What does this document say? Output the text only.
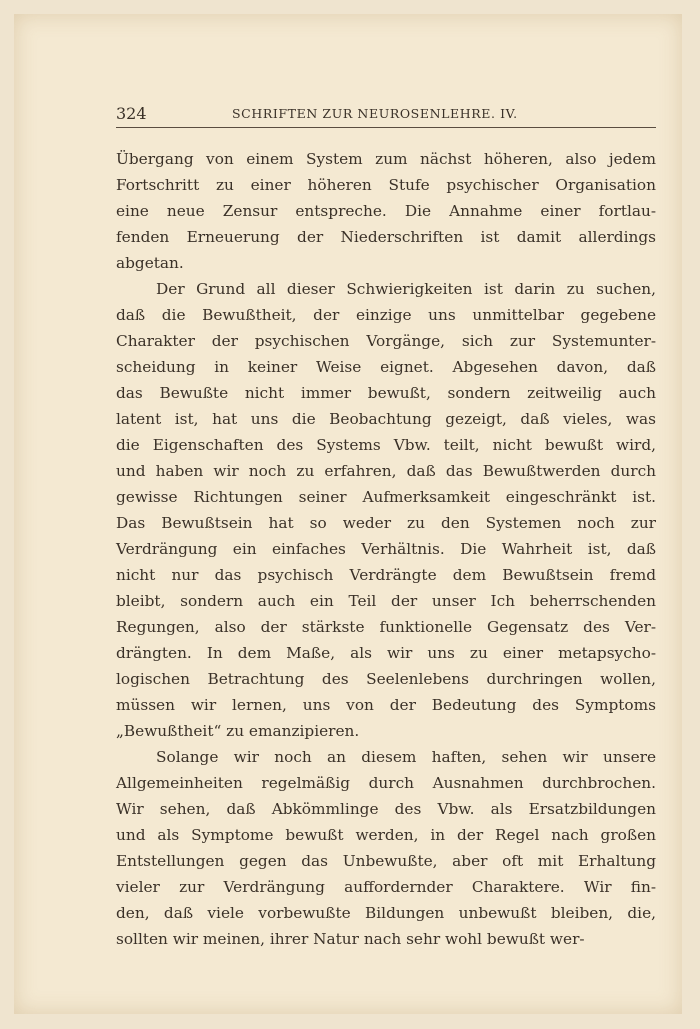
324	SCHRIFTEN ZUR NEUROSENLEHRE. IV.
Übergang von einem System zum nächst höheren, also jedem
Fortschritt zu einer höheren Stufe psychischer Organisation
eine neue Zensur entspreche. Die Annahme einer fortlau-
fenden Erneuerung der Niederschriften ist damit allerdings
abgetan.
Der Grund all dieser Schwierigkeiten ist darin zu suchen,
daß die Bewußtheit, der einzige uns unmittelbar gegebene
Charakter der psychischen Vorgänge, sich zur Systemunter-
scheidung in keiner Weise eignet. Abgesehen davon, daß
das Bewußte nicht immer bewußt, sondern zeitweilig auch
latent ist, hat uns die Beobachtung gezeigt, daß vieles, was
die Eigenschaften des Systems Vbw. teilt, nicht bewußt wird,
und haben wir noch zu erfahren, daß das Bewußtwerden durch
gewisse Richtungen seiner Aufmerksamkeit eingeschränkt ist.
Das Bewußtsein hat so weder zu den Systemen noch zur
Verdrängung ein einfaches Verhältnis. Die Wahrheit ist, daß
nicht nur das psychisch Verdrängte dem Bewußtsein fremd
bleibt, sondern auch ein Teil der unser Ich beherrschenden
Regungen, also der stärkste funktionelle Gegensatz des Ver-
drängten. In dem Maße, als wir uns zu einer metapsycho-
logischen Betrachtung des Seelenlebens durchringen wollen,
müssen wir lernen, uns von der Bedeutung des Symptoms
„Bewußtheit“ zu emanzipieren.
Solange wir noch an diesem haften, sehen wir unsere
Allgemeinheiten regelmäßig durch Ausnahmen durchbrochen.
Wir sehen, daß Abkömmlinge des Vbw. als Ersatzbildungen
und als Symptome bewußt werden, in der Regel nach großen
Entstellungen gegen das Unbewußte, aber oft mit Erhaltung
vieler zur Verdrängung auffordernder Charaktere. Wir fin-
den, daß viele vorbewußte Bildungen unbewußt bleiben, die,
sollten wir meinen, ihrer Natur nach sehr wohl bewußt wer-
